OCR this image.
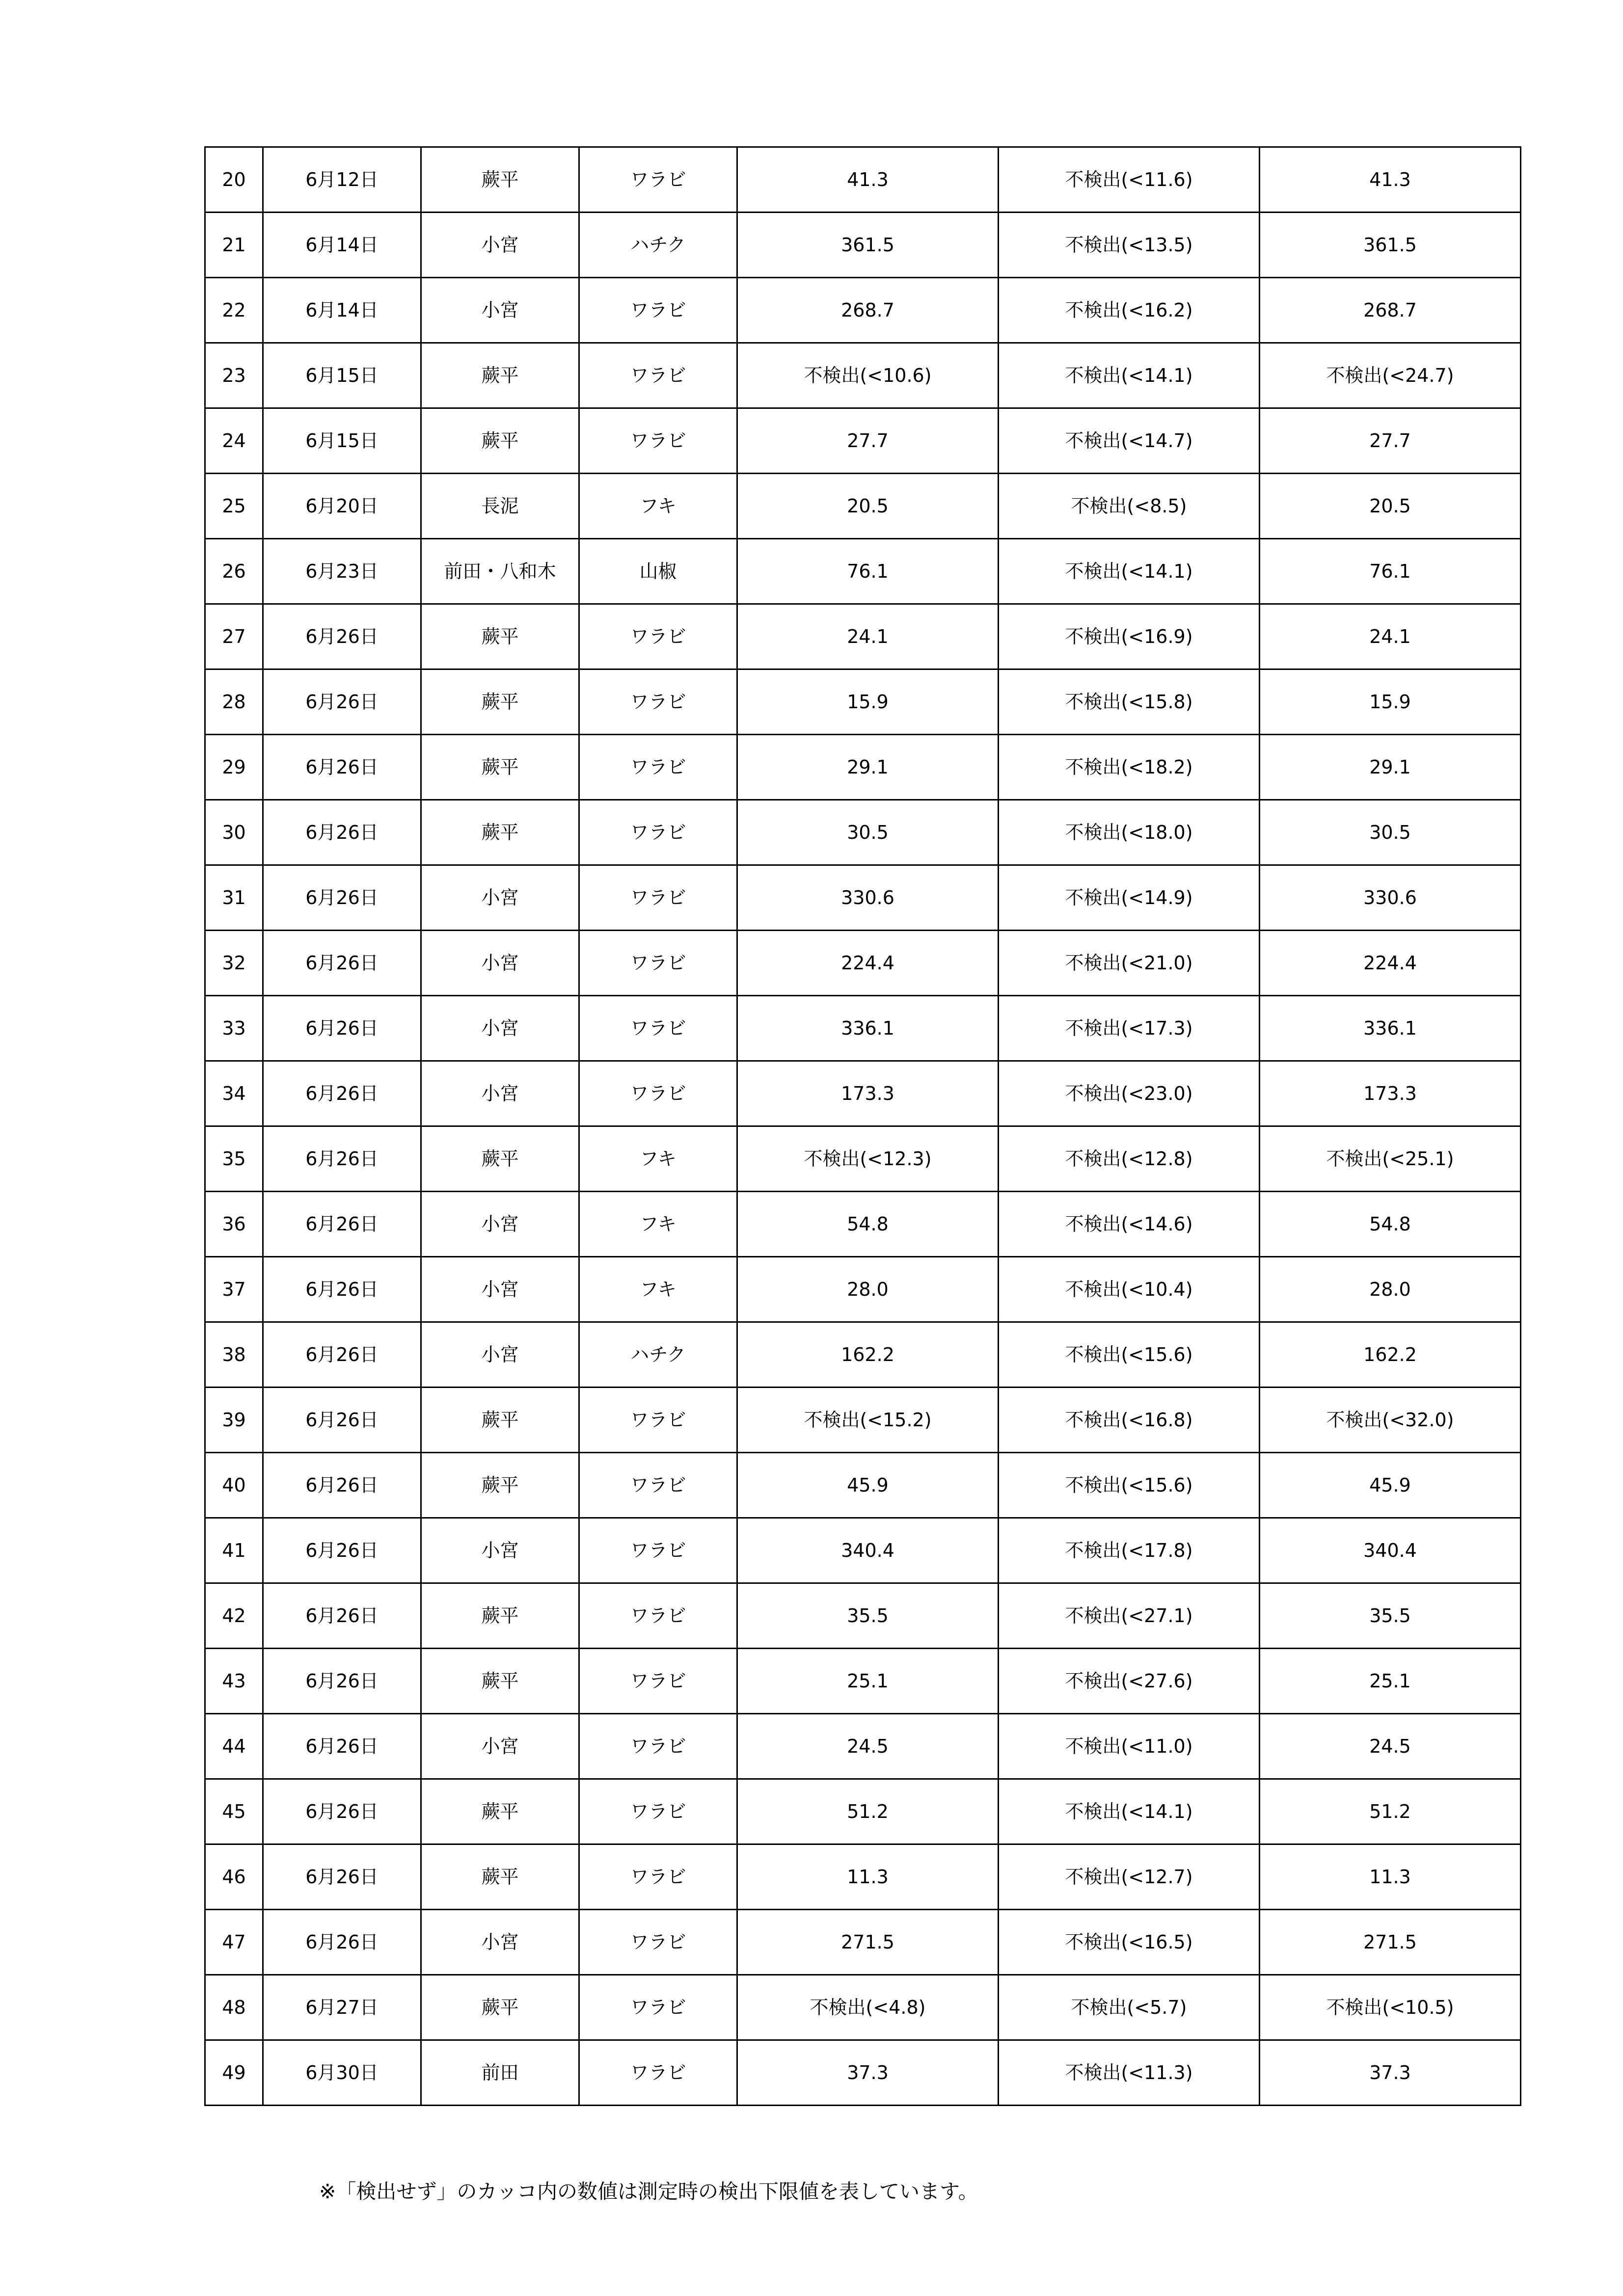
20	6月12日	蕨平	ワラビ	41.3	不検出(<11.6)	41.3
21	6月14日	小宮	ハチク	361.5	不検出(<13.5)	361.5
22	6月14日	小宮	ワラビ	268.7	不検出(<16.2)	268.7
23	6月15日	蕨平	ワラビ	不検出(<10.6)	不検出(<14.1)	不検出(<24.7)
24	6月15日	蕨平	ワラビ	27.7	不検出(<14.7)	27.7
25	6月20日	長泥	フキ	20.5	不検出(<8.5)	20.5
26	6月23日	前田・八和木	山椒	76.1	不検出(<14.1)	76.1
27	6月26日	蕨平	ワラビ	24.1	不検出(<16.9)	24.1
28	6月26日	蕨平	ワラビ	15.9	不検出(<15.8)	15.9
29	6月26日	蕨平	ワラビ	29.1	不検出(<18.2)	29.1
30	6月26日	蕨平	ワラビ	30.5	不検出(<18.0)	30.5
31	6月26日	小宮	ワラビ	330.6	不検出(<14.9)	330.6
32	6月26日	小宮	ワラビ	224.4	不検出(<21.0)	224.4
33	6月26日	小宮	ワラビ	336.1	不検出(<17.3)	336.1
34	6月26日	小宮	ワラビ	173.3	不検出(<23.0)	173.3
35	6月26日	蕨平	フキ	不検出(<12.3)	不検出(<12.8)	不検出(<25.1)
36	6月26日	小宮	フキ	54.8	不検出(<14.6)	54.8
37	6月26日	小宮	フキ	28.0	不検出(<10.4)	28.0
38	6月26日	小宮	ハチク	162.2	不検出(<15.6)	162.2
39	6月26日	蕨平	ワラビ	不検出(<15.2)	不検出(<16.8)	不検出(<32.0)
40	6月26日	蕨平	ワラビ	45.9	不検出(<15.6)	45.9
41	6月26日	小宮	ワラビ	340.4	不検出(<17.8)	340.4
42	6月26日	蕨平	ワラビ	35.5	不検出(<27.1)	35.5
43	6月26日	蕨平	ワラビ	25.1	不検出(<27.6)	25.1
44	6月26日	小宮	ワラビ	24.5	不検出(<11.0)	24.5
45	6月26日	蕨平	ワラビ	51.2	不検出(<14.1)	51.2
46	6月26日	蕨平	ワラビ	11.3	不検出(<12.7)	11.3
47	6月26日	小宮	ワラビ	271.5	不検出(<16.5)	271.5
48	6月27日	蕨平	ワラビ	不検出(<4.8)	不検出(<5.7)	不検出(<10.5)
49	6月30日	前田	ワラビ	37.3	不検出(<11.3)	37.3
※「検出せず」のカッコ内の数値は測定時の検出下限値を表しています。
